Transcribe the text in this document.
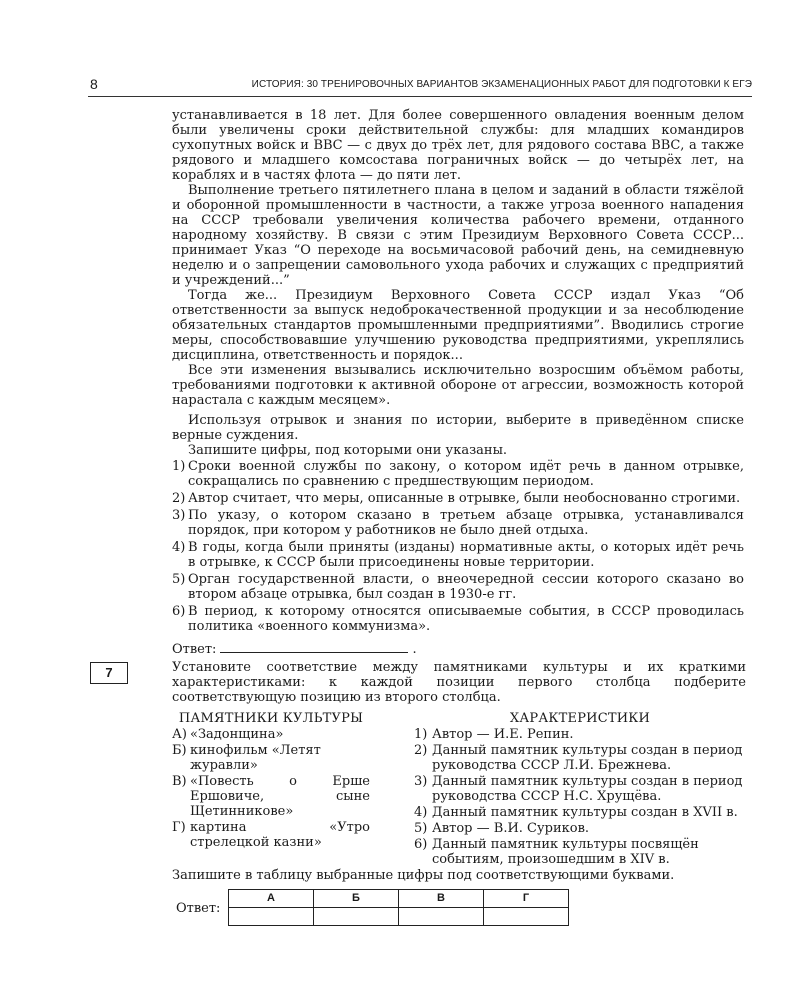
8	ИСТОРИЯ: 30 ТРЕНИРОВОЧНЫХ ВАРИАНТОВ ЭКЗАМЕНАЦИОННЫХ РАБОТ ДЛЯ ПОДГОТОВКИ К ЕГЭ

устанавливается в 18 лет. Для более совершенного овладения военным делом были увеличены сроки действительной службы: для младших командиров сухопутных войск и ВВС — с двух до трёх лет, для рядового состава ВВС, а также рядового и младшего комсостава пограничных войск — до четырёх лет, на кораблях и в частях флота — до пяти лет.

Выполнение третьего пятилетнего плана в целом и заданий в области тяжёлой и оборонной промышленности в частности, а также угроза военного нападения на СССР требовали увеличения количества рабочего времени, отданного народному хозяйству. В связи с этим Президиум Верховного Совета СССР... принимает Указ “О переходе на восьмичасовой рабочий день, на семидневную неделю и о запрещении самовольного ухода рабочих и служащих с предприятий и учреждений...”

Тогда же... Президиум Верховного Совета СССР издал Указ “Об ответственности за выпуск недоброкачественной продукции и за несоблюдение обязательных стандартов промышленными предприятиями”. Вводились строгие меры, способствовавшие улучшению руководства предприятиями, укреплялись дисциплина, ответственность и порядок...

Все эти изменения вызывались исключительно возросшим объёмом работы, требованиями подготовки к активной обороне от агрессии, возможность которой нарастала с каждым месяцем».

Используя отрывок и знания по истории, выберите в приведённом списке верные суждения.

Запишите цифры, под которыми они указаны.

1) Сроки военной службы по закону, о котором идёт речь в данном отрывке, сокращались по сравнению с предшествующим периодом.
2) Автор считает, что меры, описанные в отрывке, были необоснованно строгими.
3) По указу, о котором сказано в третьем абзаце отрывка, устанавливался порядок, при котором у работников не было дней отдыха.
4) В годы, когда были приняты (изданы) нормативные акты, о которых идёт речь в отрывке, к СССР были присоединены новые территории.
5) Орган государственной власти, о внеочередной сессии которого сказано во втором абзаце отрывка, был создан в 1930-е гг.
6) В период, к которому относятся описываемые события, в СССР проводилась политика «военного коммунизма».

Ответ:	.

7	Установите соответствие между памятниками культуры и их краткими характеристиками: к каждой позиции первого столбца подберите соответствующую позицию из второго столбца.

ПАМЯТНИКИ КУЛЬТУРЫ
А) «Задонщина»
Б) кинофильм «Летят журавли»
В) «Повесть о Ерше Ершовиче, сыне Щетинникове»
Г) картина «Утро стрелецкой казни»
ХАРАКТЕРИСТИКИ
1) Автор — И.Е. Репин.
2) Данный памятник культуры создан в период руководства СССР Л.И. Брежнева.
3) Данный памятник культуры создан в период руководства СССР Н.С. Хрущёва.
4) Данный памятник культуры создан в XVII в.
5) Автор — В.И. Суриков.
6) Данный памятник культуры посвящён событиям, произошедшим в XIV в.

Запишите в таблицу выбранные цифры под соответствующими буквами.

Ответ:
А	Б	В	Г
